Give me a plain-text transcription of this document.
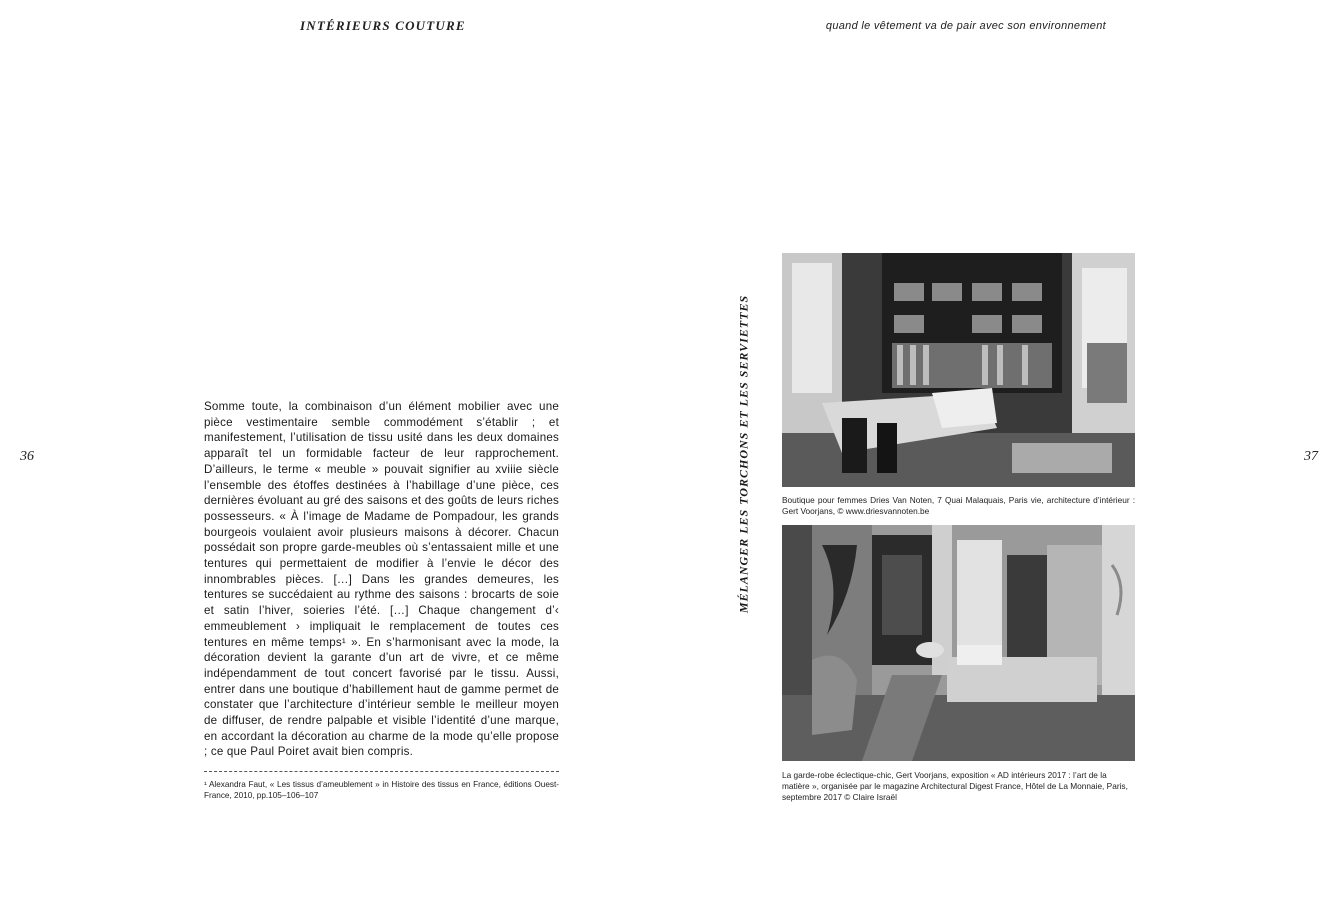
INTÉRIEURS COUTURE	quand le vêtement va de pair avec son environnement
36	37
Somme toute, la combinaison d’un élément mobilier avec une pièce vestimentaire semble commodément s’établir ; et manifestement, l’utilisation de tissu usité dans les deux domaines apparaît tel un formidable facteur de leur rapprochement. D’ailleurs, le terme « meuble » pouvait signifier au xviiie siècle l’ensemble des étoffes destinées à l’habillage d’une pièce, ces dernières évoluant au gré des saisons et des goûts de leurs riches possesseurs. « À l’image de Madame de Pompadour, les grands bourgeois voulaient avoir plusieurs maisons à décorer. Chacun possédait son propre garde-meubles où s’entassaient mille et une tentures qui permettaient de modifier à l’envie le décor des innombrables pièces. […] Dans les grandes demeures, les tentures se succédaient au rythme des saisons : brocarts de soie et satin l’hiver, soieries l’été. […] Chaque changement d’‹ emmeublement › impliquait le remplacement de toutes ces tentures en même temps¹ ». En s’harmonisant avec la mode, la décoration devient la garante d’un art de vivre, et ce même indépendamment de tout concert favorisé par le tissu. Aussi, entrer dans une boutique d’habillement haut de gamme permet de constater que l’architecture d’intérieur semble le meilleur moyen de diffuser, de rendre palpable et visible l’identité d’une marque, en accordant la décoration au charme de la mode qu’elle propose ; ce que Paul Poiret avait bien compris.
¹ Alexandra Faut, « Les tissus d’ameublement » in Histoire des tissus en France, éditions Ouest-France, 2010, pp.105–106–107
MÉLANGER LES TORCHONS ET LES SERVIETTES	Boutique pour femmes Dries Van Noten, 7 Quai Malaquais, Paris vie, architecture d’intérieur : Gert Voorjans, © www.driesvannoten.be
La garde-robe éclectique-chic, Gert Voorjans, exposition « AD intérieurs 2017 : l’art de la matière », organisée par le magazine Architectural Digest France, Hôtel de La Monnaie, Paris, septembre 2017 © Claire Israël
